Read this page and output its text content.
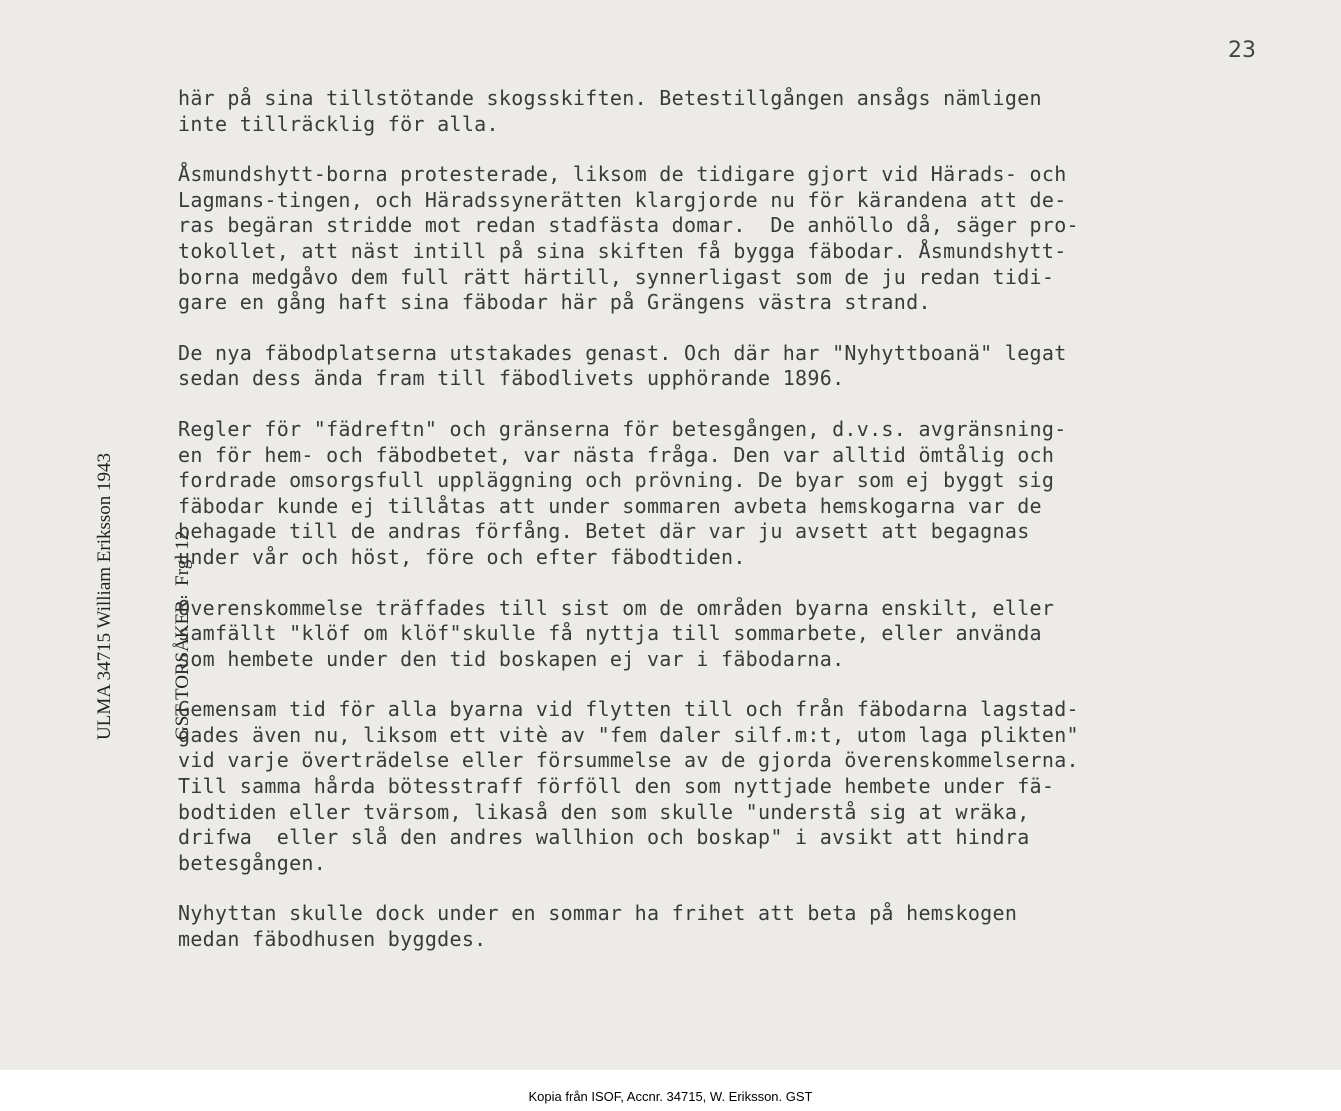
23

ULMA 34715 William Eriksson 1943

	GST TORSÅKER   Frgl 12

här på sina tillstötande skogsskiften. Betestillgången ansågs nämligen
inte tillräcklig för alla.
Åsmundshytt-borna protesterade, liksom de tidigare gjort vid Härads- och
Lagmans-tingen, och Häradssynerätten klargjorde nu för kärandena att de-
ras begäran stridde mot redan stadfästa domar.  De anhöllo då, säger pro-
tokollet, att näst intill på sina skiften få bygga fäbodar. Åsmundshytt-
borna medgåvo dem full rätt härtill, synnerligast som de ju redan tidi-
gare en gång haft sina fäbodar här på Grängens västra strand.
De nya fäbodplatserna utstakades genast. Och där har "Nyhyttboanä" legat
sedan dess ända fram till fäbodlivets upphörande 1896.
Regler för "fädreftn" och gränserna för betesgången, d.v.s. avgränsning-
en för hem- och fäbodbetet, var nästa fråga. Den var alltid ömtålig och
fordrade omsorgsfull uppläggning och prövning. De byar som ej byggt sig
fäbodar kunde ej tillåtas att under sommaren avbeta hemskogarna var de
behagade till de andras förfång. Betet där var ju avsett att begagnas
under vår och höst, före och efter fäbodtiden.
Överenskommelse träffades till sist om de områden byarna enskilt, eller
samfällt "klöf om klöf"skulle få nyttja till sommarbete, eller använda
som hembete under den tid boskapen ej var i fäbodarna.
Gemensam tid för alla byarna vid flytten till och från fäbodarna lagstad-
gades även nu, liksom ett vitè av "fem daler silf.m:t, utom laga plikten"
vid varje överträdelse eller försummelse av de gjorda överenskommelserna.
Till samma hårda bötesstraff förföll den som nyttjade hembete under fä-
bodtiden eller tvärsom, likaså den som skulle "understå sig at wräka,
drifwa  eller slå den andres wallhion och boskap" i avsikt att hindra
betesgången.
Nyhyttan skulle dock under en sommar ha frihet att beta på hemskogen
medan fäbodhusen byggdes.
Kopia från ISOF, Accnr. 34715, W. Eriksson. GST
